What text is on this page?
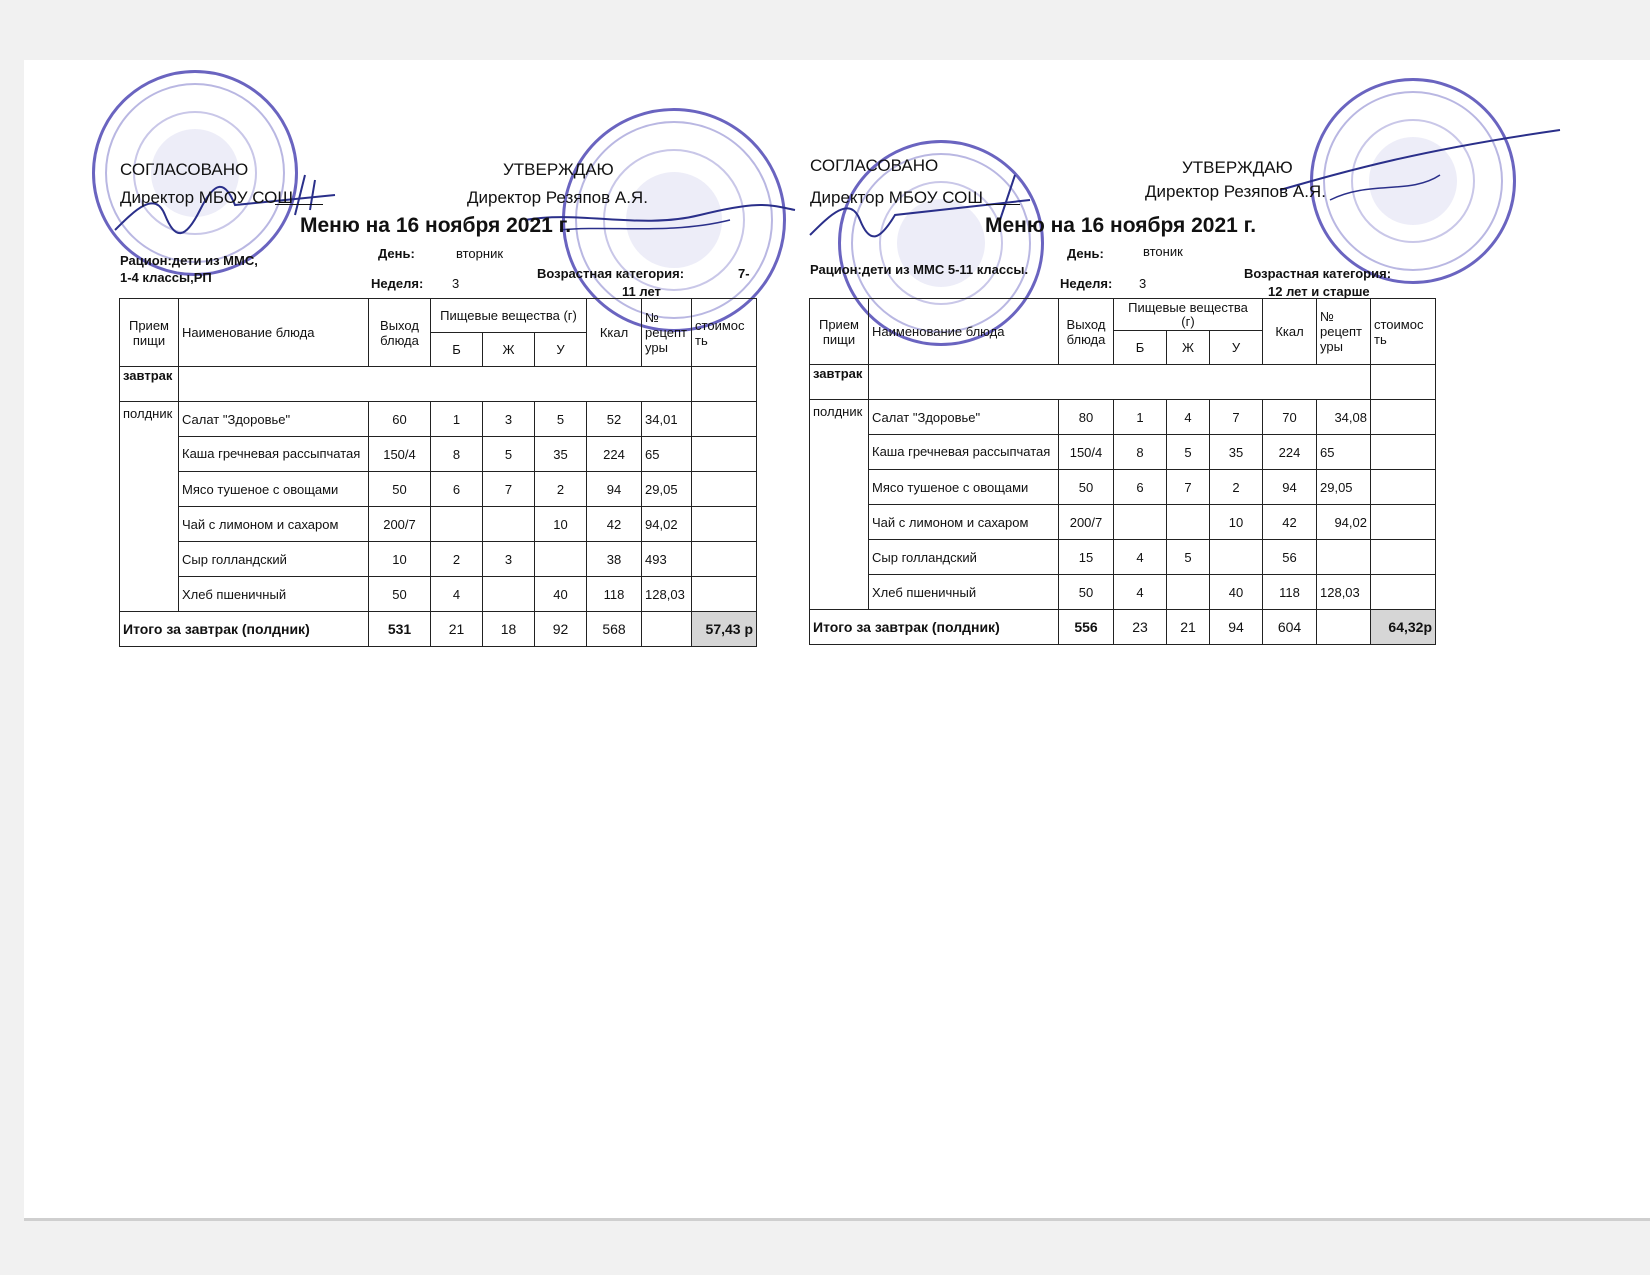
СОГЛАСОВАНО
Директор МБОУ СОШ
УТВЕРЖДАЮ
Директор Резяпов А.Я.
Меню на 16 ноября 2021 г.
Рацион:дети из ММС,
1-4 классы,РП
День:	вторник
Неделя: 3
Возрастная категория:	7-
11 лет
Прием
пищи	Наименование блюда	Выход
блюда	Пищевые вещества (г)			Ккал	№
рецепт
уры	стоимос
ть
			Б	Ж	У			
завтрак								
полдник	Салат "Здоровье"	60	1	3	5	52	34,01	
	Каша гречневая рассыпчатая	150/4	8	5	35	224	65	
	Мясо тушеное с овощами	50	6	7	2	94	29,05	
	Чай с лимоном и сахаром	200/7			10	42	94,02	
	Сыр голландский	10	2	3		38	493	
	Хлеб пшеничный	50	4		40	118	128,03	
Итого за завтрак (полдник)		531	21	18	92	568		57,43 р
СОГЛАСОВАНО
Директор МБОУ СОШ
УТВЕРЖДАЮ
Директор Резяпов А.Я.
Меню на 16 ноября 2021 г.
Рацион:дети из ММС 5-11 классы.
День:	втоник
Неделя: 3
Возрастная категория:
12 лет и старше
Прием
пищи	Наименование блюда	Выход
блюда	Пищевые вещества
(г)			Ккал	№
рецепт
уры	стоимос
ть
			Б	Ж	У			
завтрак								
полдник	Салат "Здоровье"	80	1	4	7	70	34,08	
	Каша гречневая рассыпчатая	150/4	8	5	35	224	65	
	Мясо тушеное с овощами	50	6	7	2	94	29,05	
	Чай с лимоном и сахаром	200/7			10	42	94,02	
	Сыр голландский	15	4	5		56		
	Хлеб пшеничный	50	4		40	118	128,03	
Итого за завтрак (полдник)		556	23	21	94	604		64,32р
